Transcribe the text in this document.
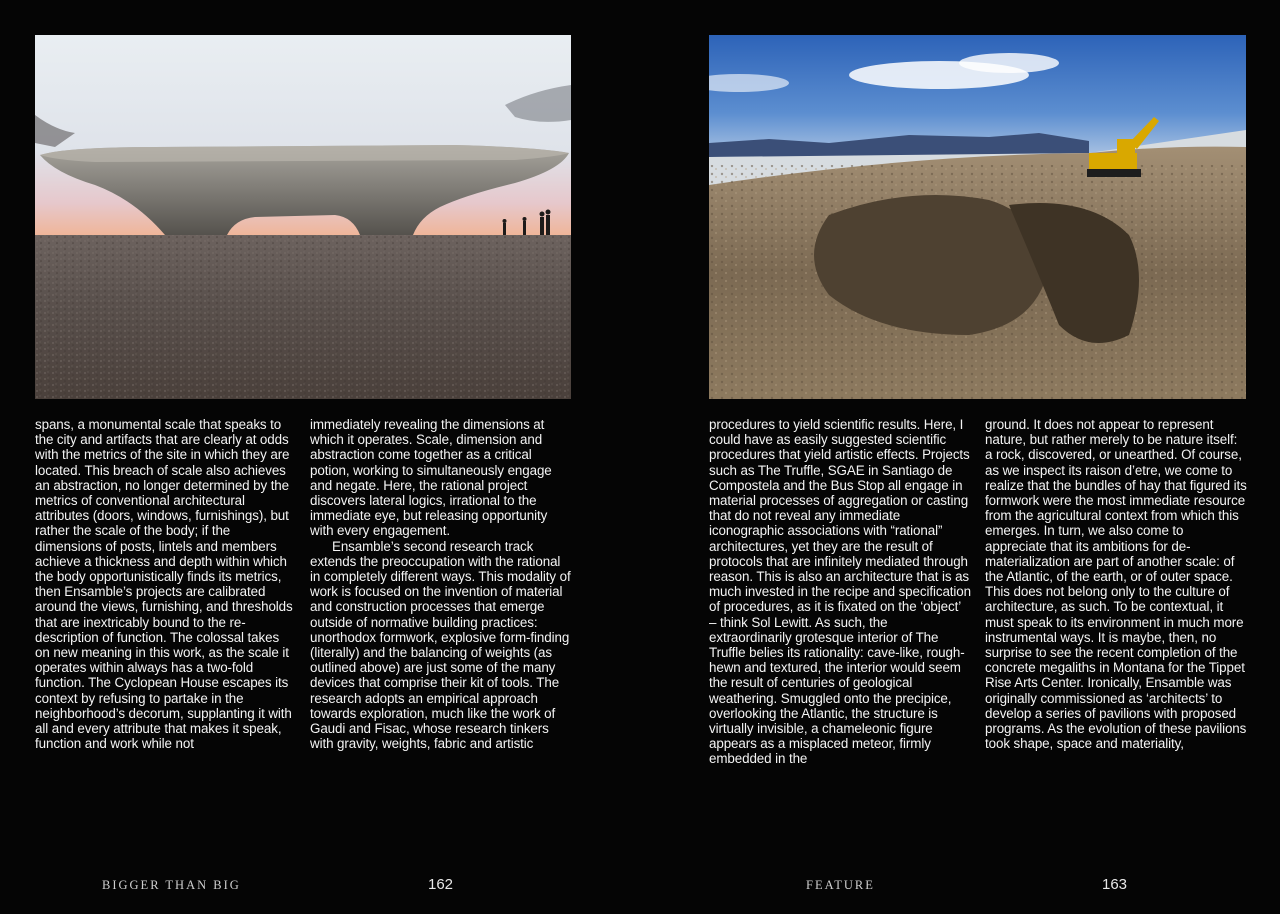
spans, a monumental scale that speaks to the city and artifacts that are clearly at odds with the metrics of the site in which they are located. This breach of scale also achieves an abstraction, no longer determined by the metrics of conventional architectural attributes (doors, windows, furnishings), but rather the scale of the body; if the dimensions of posts, lintels and members achieve a thickness and depth within which the body opportunistically finds its metrics, then Ensamble’s projects are calibrated around the views, furnishing, and thresholds that are inextricably bound to the re-description of function. The colossal takes on new meaning in this work, as the scale it operates within always has a two-fold function. The Cyclopean House escapes its context by refusing to partake in the neighborhood’s decorum, supplanting it with all and every attribute that makes it speak, function and work while not

immediately revealing the dimensions at which it operates. Scale, dimension and abstraction come together as a critical potion, working to simultaneously engage and negate. Here, the rational project discovers lateral logics, irrational to the immediate eye, but releasing opportunity with every engagement.

Ensamble’s second research track extends the preoccupation with the rational in completely different ways. This modality of work is focused on the invention of material and construction processes that emerge outside of normative building practices: unorthodox formwork, explosive form-finding (literally) and the balancing of weights (as outlined above) are just some of the many devices that comprise their kit of tools. The research adopts an empirical approach towards exploration, much like the work of Gaudi and Fisac, whose research tinkers with gravity, weights, fabric and artistic

procedures to yield scientific results. Here, I could have as easily suggested scientific procedures that yield artistic effects. Projects such as The Truffle, SGAE in Santiago de Compostela and the Bus Stop all engage in material processes of aggregation or casting that do not reveal any immediate iconographic associations with “rational” architectures, yet they are the result of protocols that are infinitely mediated through reason. This is also an architecture that is as much invested in the recipe and specification of procedures, as it is fixated on the ‘object’ – think Sol Lewitt. As such, the extraordinarily grotesque interior of The Truffle belies its rationality: cave-like, rough-hewn and textured, the interior would seem the result of centuries of geological weathering. Smuggled onto the precipice, overlooking the Atlantic, the structure is virtually invisible, a chameleonic figure appears as a misplaced meteor, firmly embedded in the

ground. It does not appear to represent nature, but rather merely to be nature itself: a rock, discovered, or unearthed. Of course, as we inspect its raison d’etre, we come to realize that the bundles of hay that figured its formwork were the most immediate resource from the agricultural context from which this emerges. In turn, we also come to appreciate that its ambitions for de-materialization are part of another scale: of the Atlantic, of the earth, or of outer space. This does not belong only to the culture of architecture, as such. To be contextual, it must speak to its environment in much more instrumental ways. It is maybe, then, no surprise to see the recent completion of the concrete megaliths in Montana for the Tippet Rise Arts Center. Ironically, Ensamble was originally commissioned as ‘architects’ to develop a series of pavilions with proposed programs. As the evolution of these pavilions took shape, space and materiality,

BIGGER THAN BIG	162	FEATURE	163
